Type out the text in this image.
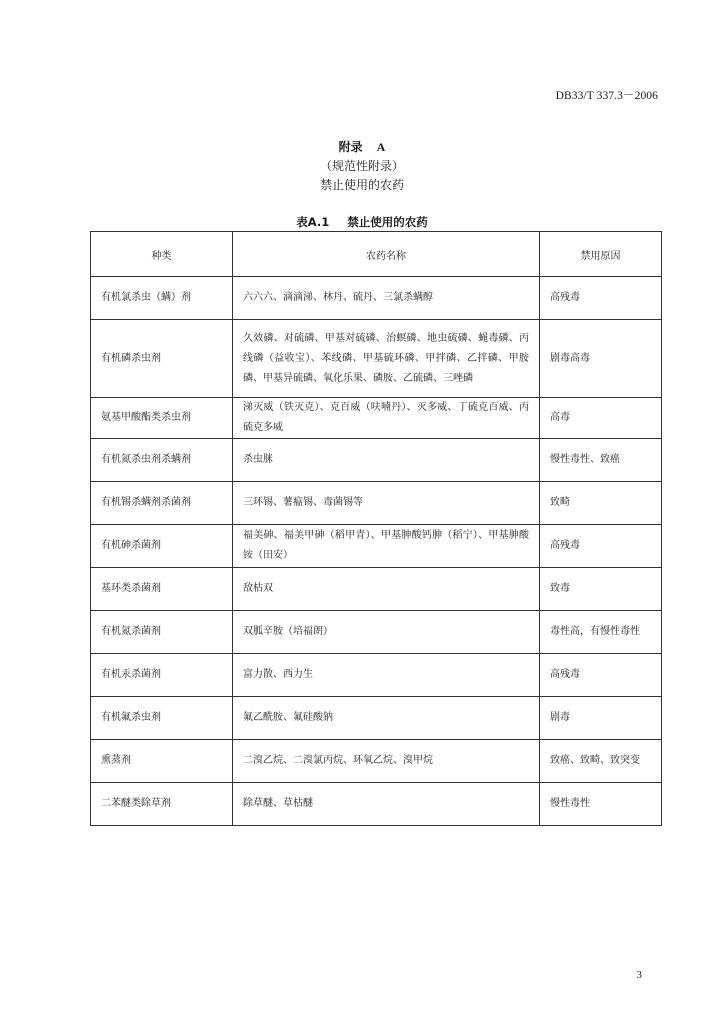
DB33/T 337.3－2006
附录 A
（规范性附录）
禁止使用的农药
表A.1 禁止使用的农药
种类	农药名称	禁用原因
有机氯杀虫（螨）剂	六六六、滴滴涕、林丹、硫丹、三氯杀螨醇	高残毒
有机磷杀虫剂	久效磷、对硫磷、甲基对硫磷、治螟磷、地虫硫磷、蝇毒磷、丙线磷（益收宝）、苯线磷、甲基硫环磷、甲拌磷、乙拌磷、甲胺磷、甲基异硫磷、氧化乐果、磷胺、乙硫磷、三唑磷	剧毒高毒
氨基甲酸酯类杀虫剂	涕灭威（铁灭克）、克百威（呋喃丹）、灭多威、丁硫克百威、丙硫克多威	高毒
有机氮杀虫剂杀螨剂	杀虫脒	慢性毒性、致癌
有机锡杀螨剂杀菌剂	三环锡、薯瘟锡、毒菌锡等	致畸
有机砷杀菌剂	福美砷、福美甲砷（稻甲青）、甲基胂酸钙胂（稻宁）、甲基胂酸铵（田安）	高残毒
基环类杀菌剂	敌枯双	致毒
有机氮杀菌剂	双胍辛胺（培福朗）	毒性高，有慢性毒性
有机汞杀菌剂	富力散、西力生	高残毒
有机氟杀虫剂	氟乙酰胺、氟硅酸钠	剧毒
熏蒸剂	二溴乙烷、二溴氯丙烷、环氧乙烷、溴甲烷	致癌、致畸、致突变
二苯醚类除草剂	除草醚、草枯醚	慢性毒性
3
